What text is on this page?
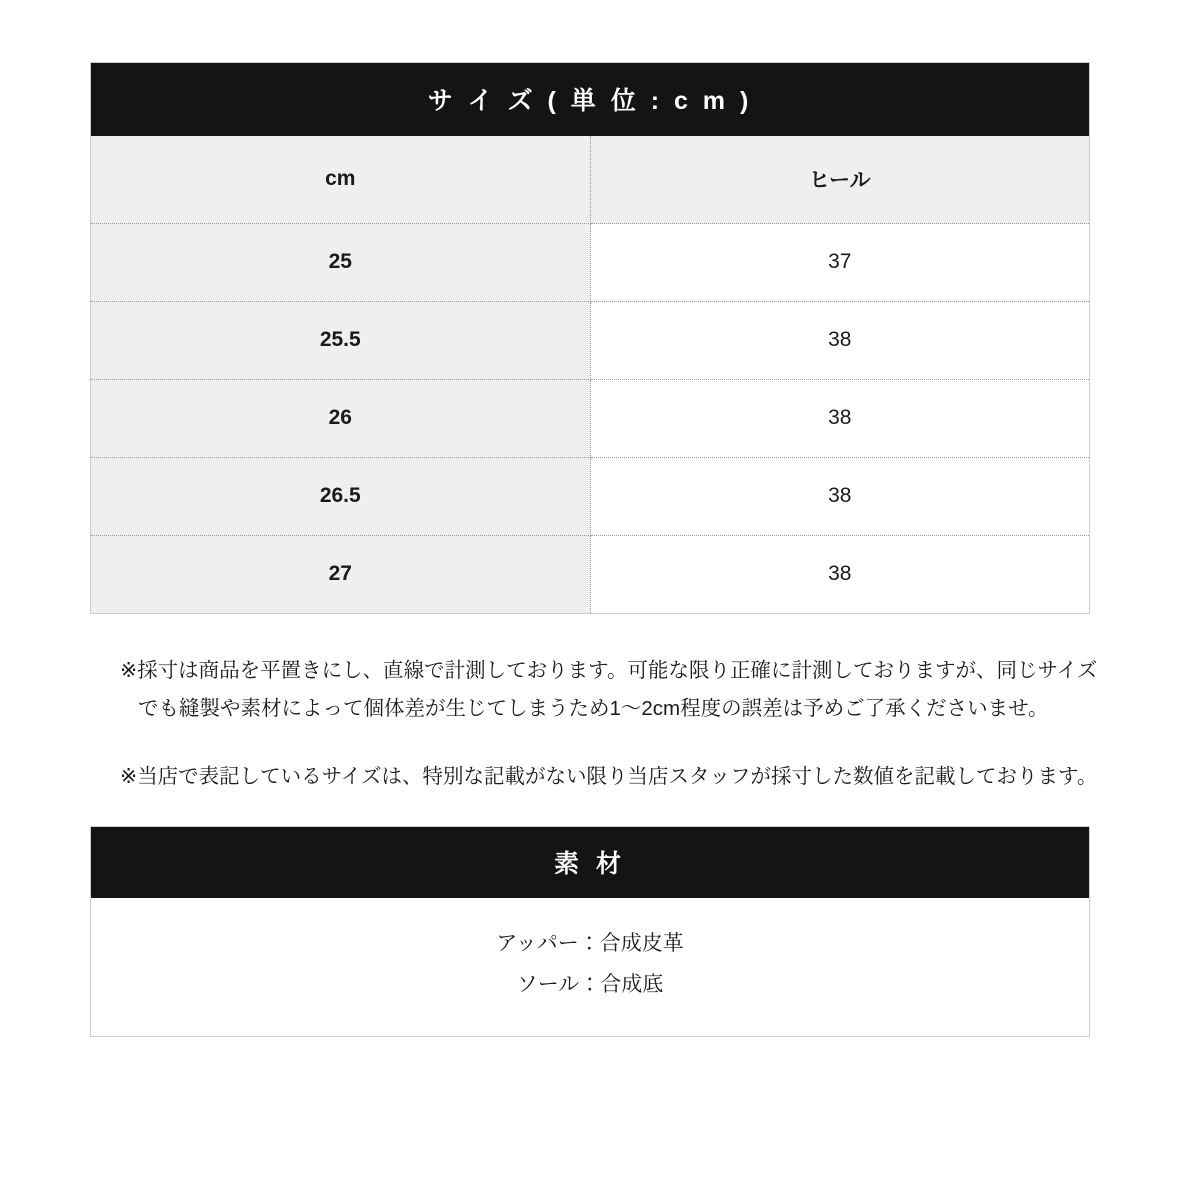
サ イ ズ ( 単 位 : c m )	
cm	ヒール
25	37
25.5	38
26	38
26.5	38
27	38

※採寸は商品を平置きにし、直線で計測しております。可能な限り正確に計測しておりますが、同じサイズでも縫製や素材によって個体差が生じてしまうため1〜2cm程度の誤差は予めご了承くださいませ。

※当店で表記しているサイズは、特別な記載がない限り当店スタッフが採寸した数値を記載しております。

素 材

アッパー：合成皮革
ソール：合成底
